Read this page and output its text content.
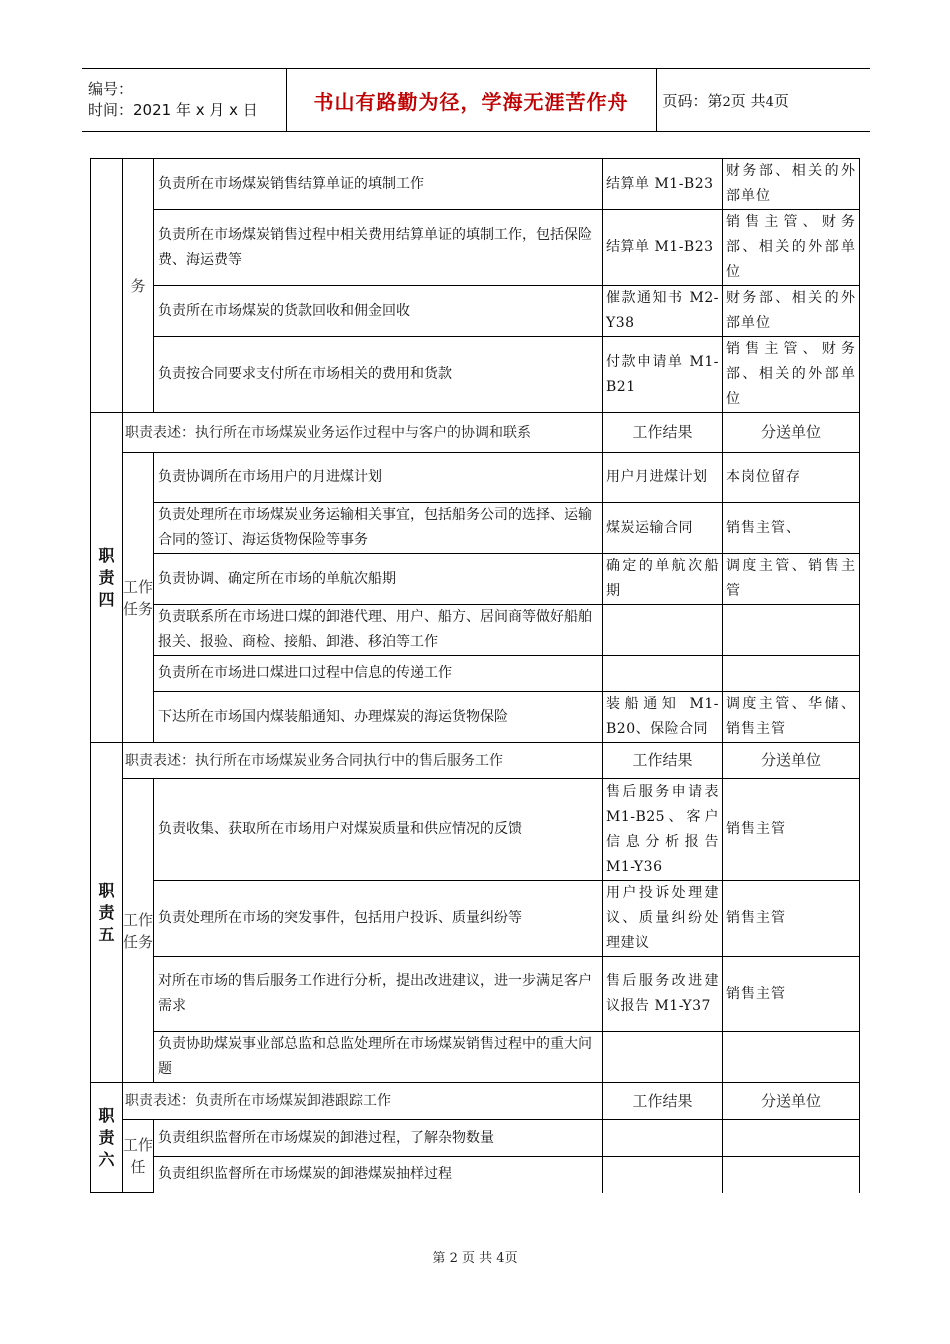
编号：
时间：2021 年 x 月 x 日	书山有路勤为径，学海无涯苦作舟	页码：第2页 共4页
	务	负责所在市场煤炭销售结算单证的填制工作	结算单 M1-B23	财务部、相关的外部单位
		负责所在市场煤炭销售过程中相关费用结算单证的填制工作，包括保险费、海运费等	结算单 M1-B23	销售主管、财务部、相关的外部单位
		负责所在市场煤炭的货款回收和佣金回收	催款通知书 M2-Y38	财务部、相关的外部单位
		负责按合同要求支付所在市场相关的费用和货款	付款申请单 M1-B21	销售主管、财务部、相关的外部单位
职责四	职责表述：执行所在市场煤炭业务运作过程中与客户的协调和联系		工作结果	分送单位
	工作任务	负责协调所在市场用户的月进煤计划	用户月进煤计划	本岗位留存
		负责处理所在市场煤炭业务运输相关事宜，包括船务公司的选择、运输合同的签订、海运货物保险等事务	煤炭运输合同	销售主管、
		负责协调、确定所在市场的单航次船期	确定的单航次船期	调度主管、销售主管
		负责联系所在市场进口煤的卸港代理、用户、船方、居间商等做好船舶报关、报验、商检、接船、卸港、移泊等工作		
		负责所在市场进口煤进口过程中信息的传递工作		
		下达所在市场国内煤装船通知、办理煤炭的海运货物保险	装船通知 M1-B20、保险合同	调度主管、华储、销售主管
职责五	职责表述：执行所在市场煤炭业务合同执行中的售后服务工作		工作结果	分送单位
	工作任务	负责收集、获取所在市场用户对煤炭质量和供应情况的反馈	售后服务申请表 M1-B25、客户信息分析报告 M1-Y36	销售主管
		负责处理所在市场的突发事件，包括用户投诉、质量纠纷等	用户投诉处理建议、质量纠纷处理建议	销售主管
		对所在市场的售后服务工作进行分析，提出改进建议，进一步满足客户需求	售后服务改进建议报告 M1-Y37	销售主管
		负责协助煤炭事业部总监和总监处理所在市场煤炭销售过程中的重大问题		
职责六	职责表述：负责所在市场煤炭卸港跟踪工作		工作结果	分送单位
	工作任	负责组织监督所在市场煤炭的卸港过程，了解杂物数量		
		负责组织监督所在市场煤炭的卸港煤炭抽样过程		
第 2 页 共 4页
